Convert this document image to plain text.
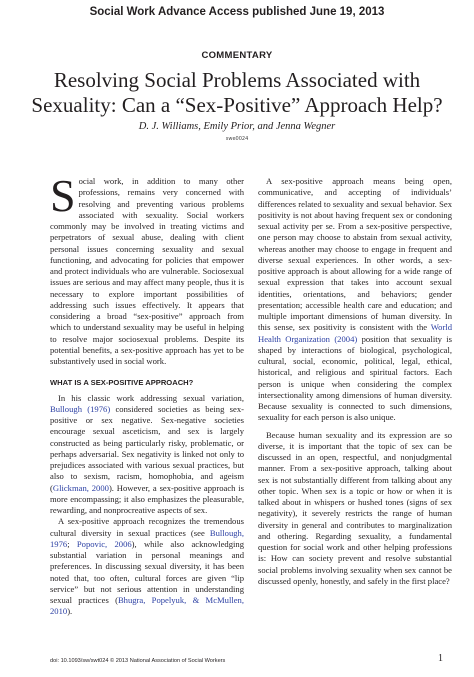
Social Work Advance Access published June 19, 2013
COMMENTARY
Resolving Social Problems Associated with Sexuality: Can a “Sex-Positive” Approach Help?
D. J. Williams, Emily Prior, and Jenna Wegner
swe0024

Social work, in addition to many other professions, remains very concerned with resolving and preventing various problems associated with sexuality. Social workers commonly may be involved in treating victims and perpetrators of sexual abuse, dealing with client personal issues concerning sexuality and sexual functioning, and advocating for policies that empower and protect individuals who are vulnerable. Sociosexual issues are serious and may affect many people, thus it is necessary to explore important possibilities of addressing such issues effectively. It appears that considering a broad “sex-positive” approach from which to understand sexuality may be useful in helping to resolve major sociosexual problems. Despite its potential benefits, a sex-positive approach has yet to be substantively used in social work.

WHAT IS A SEX-POSITIVE APPROACH?

In his classic work addressing sexual variation, Bullough (1976) considered societies as being sex-positive or sex negative. Sex-negative societies encourage sexual asceticism, and sex is largely constructed as being particularly risky, problematic, or perhaps adversarial. Sex negativity is linked not only to prejudices associated with various sexual practices, but also to sexism, racism, homophobia, and ageism (Glickman, 2000). However, a sex-positive approach is more encompassing; it also emphasizes the pleasurable, rewarding, and nonprocreative aspects of sex.

A sex-positive approach recognizes the tremendous cultural diversity in sexual practices (see Bullough, 1976; Popovic, 2006), while also acknowledging substantial variation in personal meanings and preferences. In discussing sexual diversity, it has been noted that, too often, cultural forces are given “lip service” but not serious attention in understanding sexual practices (Bhugra, Popelyuk, & McMullen, 2010).

A sex-positive approach means being open, communicative, and accepting of individuals’ differences related to sexuality and sexual behavior. Sex positivity is not about having frequent sex or condoning sexual activity per se. From a sex-positive perspective, one person may choose to abstain from sexual activity, whereas another may choose to engage in frequent and diverse sexual experiences. In other words, a sex-positive approach is about allowing for a wide range of sexual expression that takes into account sexual identities, orientations, and behaviors; gender presentation; accessible health care and education; and multiple important dimensions of human diversity. In this sense, sex positivity is consistent with the World Health Organization (2004) position that sexuality is shaped by interactions of biological, psychological, cultural, social, economic, political, legal, ethical, historical, and religious and spiritual factors. Each person is unique when considering the complex intersectionality among dimensions of human diversity. Because sexuality is connected to such dimensions, sexuality for each person is also unique.

Because human sexuality and its expression are so diverse, it is important that the topic of sex can be discussed in an open, respectful, and nonjudgmental manner. From a sex-positive approach, talking about sex is not substantially different from talking about any other topic. When sex is a topic or how or when it is talked about in whispers or hushed tones (signs of sex negativity), it severely restricts the range of human diversity in general and contributes to marginalization and othering. Regarding sexuality, a fundamental question for social work and other helping professions is: How can society prevent and resolve substantial social problems involving sexuality when sex cannot be discussed openly, honestly, and safely in the first place?

doi: 10.1093/sw/swt024 © 2013 National Association of Social Workers	1
